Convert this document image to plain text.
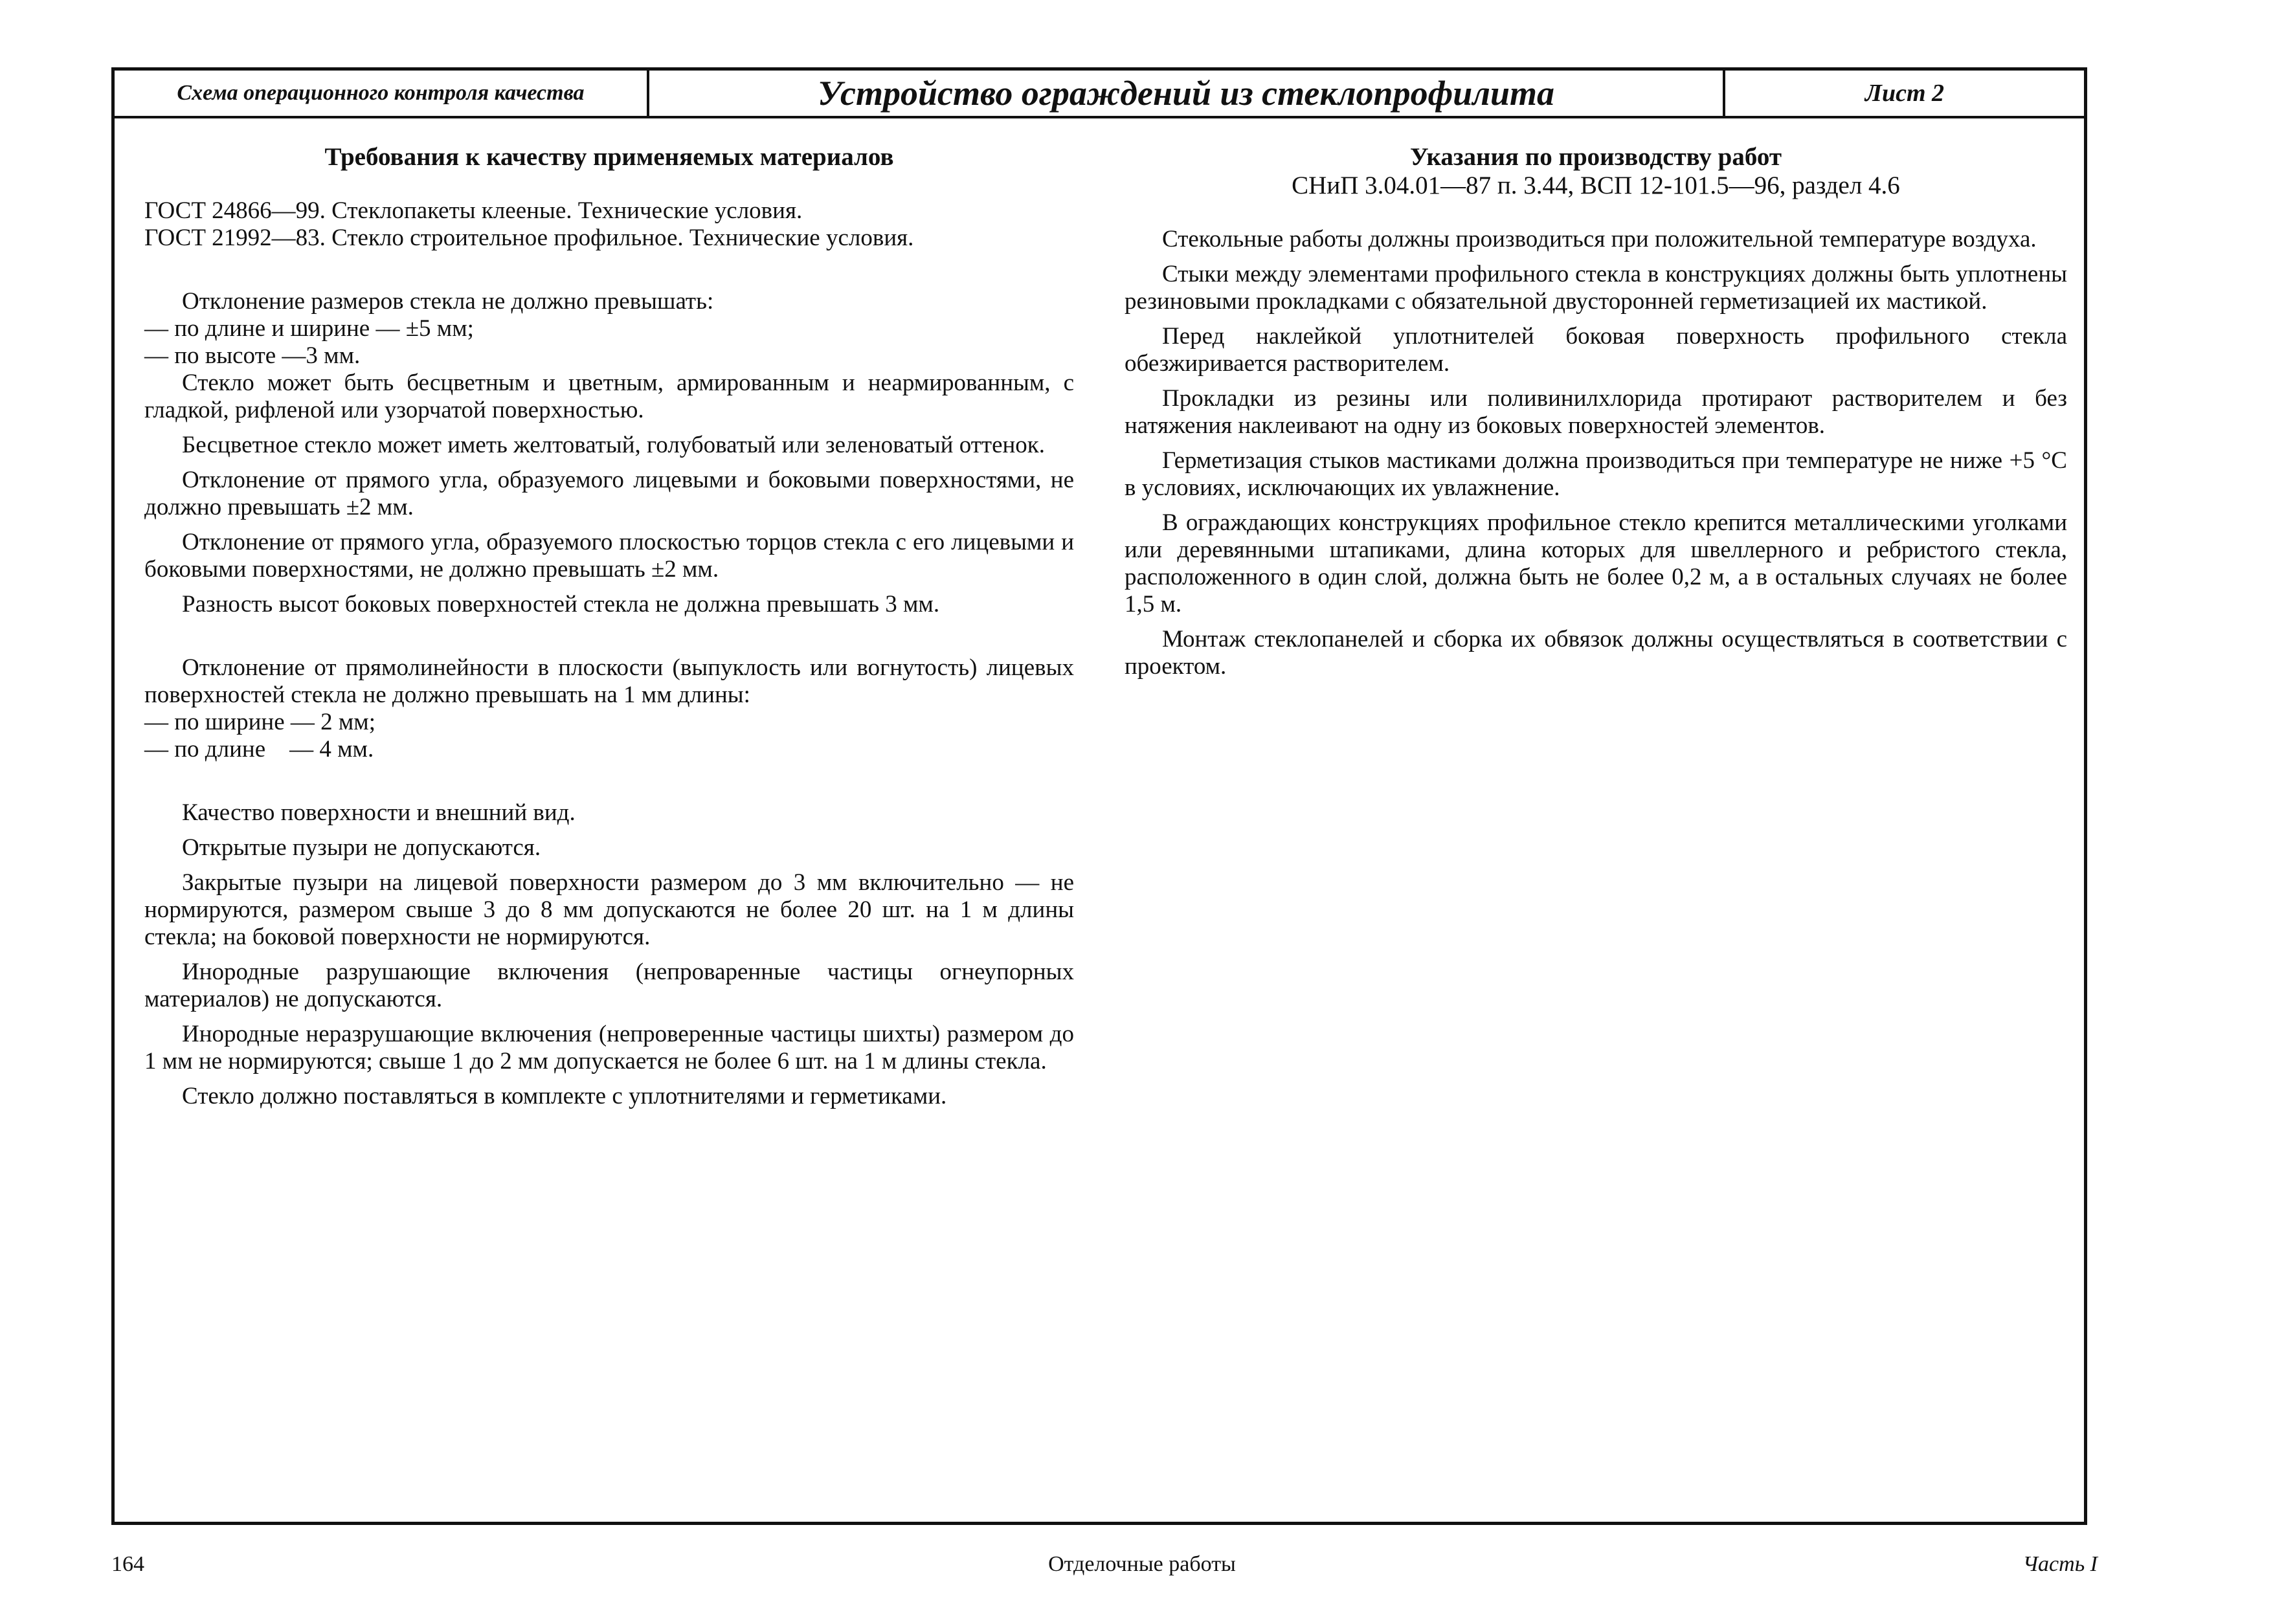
Схема операционного контроля качества	Устройство ограждений из стеклопрофилита	Лист 2

Требования к качеству применяемых материалов

ГОСТ 24866—99. Стеклопакеты клееные. Технические условия.

ГОСТ 21992—83. Стекло строительное профильное. Технические условия.

Отклонение размеров стекла не должно превышать:

— по длине и ширине — ±5 мм;

— по высоте —3 мм.

Стекло может быть бесцветным и цветным, армированным и неармированным, с гладкой, рифленой или узорчатой поверхностью.

Бесцветное стекло может иметь желтоватый, голубоватый или зеленоватый оттенок.

Отклонение от прямого угла, образуемого лицевыми и боковыми поверхностями, не должно превышать ±2 мм.

Отклонение от прямого угла, образуемого плоскостью торцов стекла с его лицевыми и боковыми поверхностями, не должно превышать ±2 мм.

Разность высот боковых поверхностей стекла не должна превышать 3 мм.

Отклонение от прямолинейности в плоскости (выпуклость или вогнутость) лицевых поверхностей стекла не должно превышать на 1 мм длины:

— по ширине — 2 мм;

— по длине    — 4 мм.

Качество поверхности и внешний вид.

Открытые пузыри не допускаются.

Закрытые пузыри на лицевой поверхности размером до 3 мм включительно — не нормируются, размером свыше 3 до 8 мм допускаются не более 20 шт. на 1 м длины стекла; на боковой поверхности не нормируются.

Инородные разрушающие включения (непроваренные частицы огнеупорных материалов) не допускаются.

Инородные неразрушающие включения (непроверенные частицы шихты) размером до 1 мм не нормируются; свыше 1 до 2 мм допускается не более 6 шт. на 1 м длины стекла.

Стекло должно поставляться в комплекте с уплотнителями и герметиками.

Указания по производству работ

СНиП 3.04.01—87 п. 3.44, ВСП 12-101.5—96, раздел 4.6

Стекольные работы должны производиться при положительной температуре воздуха.

Стыки между элементами профильного стекла в конструкциях должны быть уплотнены резиновыми прокладками с обязательной двусторонней герметизацией их мастикой.

Перед наклейкой уплотнителей боковая поверхность профильного стекла обезжиривается растворителем.

Прокладки из резины или поливинилхлорида протирают растворителем и без натяжения наклеивают на одну из боковых поверхностей элементов.

Герметизация стыков мастиками должна производиться при температуре не ниже +5 °С в условиях, исключающих их увлажнение.

В ограждающих конструкциях профильное стекло крепится металлическими уголками или деревянными штапиками, длина которых для швеллерного и ребристого стекла, расположенного в один слой, должна быть не более 0,2 м, а в остальных случаях не более 1,5 м.

Монтаж стеклопанелей и сборка их обвязок должны осуществляться в соответствии с проектом.

164	Отделочные работы	Часть I
